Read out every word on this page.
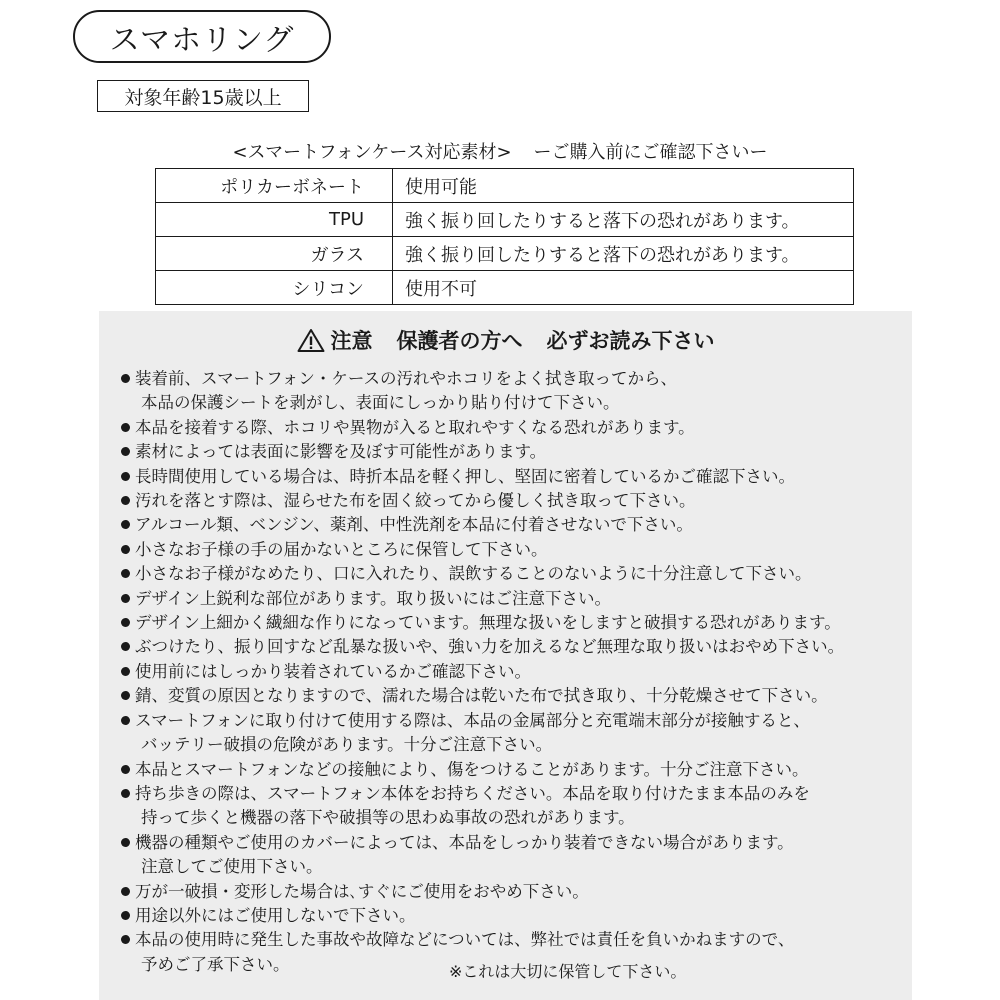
スマホリング
対象年齢15歳以上
<スマートフォンケース対応素材> ーご購入前にご確認下さいー
ポリカーボネート	使用可能
TPU	強く振り回したりすると落下の恐れがあります。
ガラス	強く振り回したりすると落下の恐れがあります。
シリコン	使用不可
注意 保護者の方へ 必ずお読み下さい
装着前、スマートフォン・ケースの汚れやホコリをよく拭き取ってから、
本品の保護シートを剥がし、表面にしっかり貼り付けて下さい。
本品を接着する際、ホコリや異物が入ると取れやすくなる恐れがあります。
素材によっては表面に影響を及ぼす可能性があります。
長時間使用している場合は、時折本品を軽く押し、堅固に密着しているかご確認下さい。
汚れを落とす際は、湿らせた布を固く絞ってから優しく拭き取って下さい。
アルコール類、ベンジン、薬剤、中性洗剤を本品に付着させないで下さい。
小さなお子様の手の届かないところに保管して下さい。
小さなお子様がなめたり、口に入れたり、誤飲することのないように十分注意して下さい。
デザイン上鋭利な部位があります。取り扱いにはご注意下さい。
デザイン上細かく繊細な作りになっています。無理な扱いをしますと破損する恐れがあります。
ぶつけたり、振り回すなど乱暴な扱いや、強い力を加えるなど無理な取り扱いはおやめ下さい。
使用前にはしっかり装着されているかご確認下さい。
錆、変質の原因となりますので、濡れた場合は乾いた布で拭き取り、十分乾燥させて下さい。
スマートフォンに取り付けて使用する際は、本品の金属部分と充電端末部分が接触すると、
バッテリー破損の危険があります。十分ご注意下さい。
本品とスマートフォンなどの接触により、傷をつけることがあります。十分ご注意下さい。
持ち歩きの際は、スマートフォン本体をお持ちください。本品を取り付けたまま本品のみを
持って歩くと機器の落下や破損等の思わぬ事故の恐れがあります。
機器の種類やご使用のカバーによっては、本品をしっかり装着できない場合があります。
注意してご使用下さい。
万が一破損・変形した場合は､すぐにご使用をおやめ下さい。
用途以外にはご使用しないで下さい。
本品の使用時に発生した事故や故障などについては、弊社では責任を負いかねますので、
予めご了承下さい。	※これは大切に保管して下さい。
